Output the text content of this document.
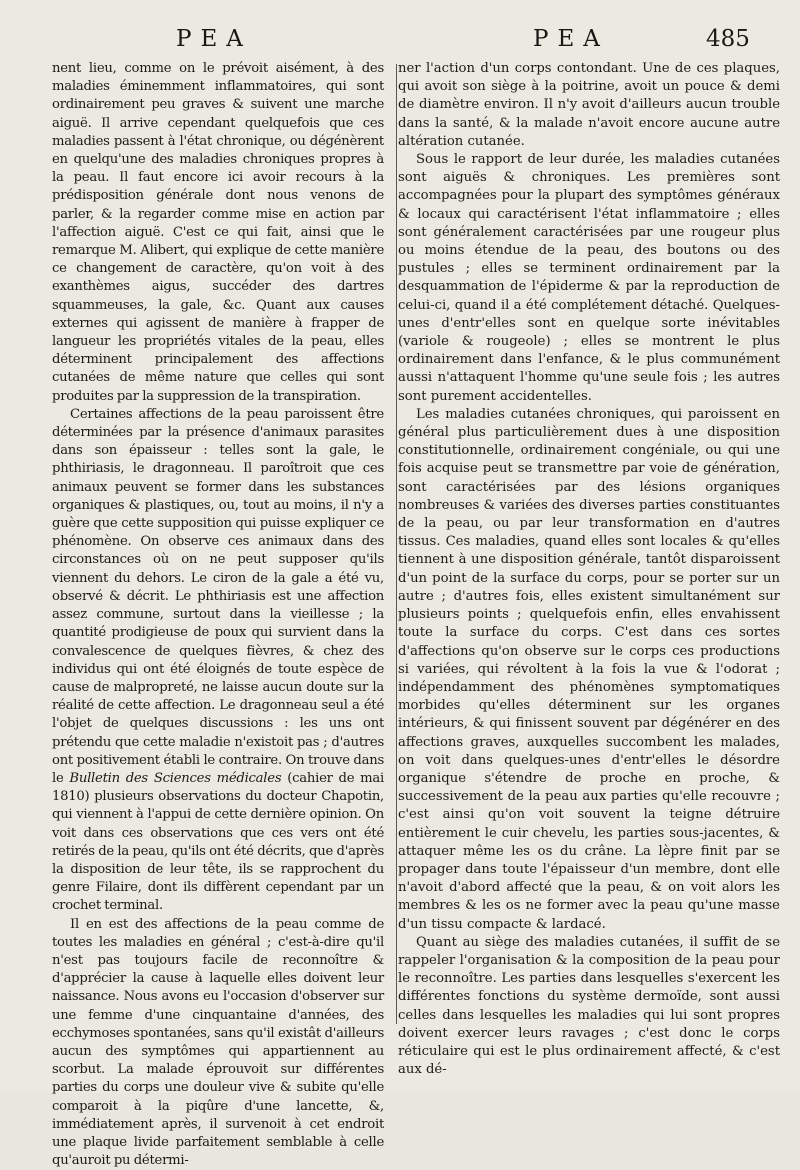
PEA	PEA	485

nent lieu, comme on le prévoit aisément, à des maladies éminemment inflammatoires, qui sont ordinairement peu graves & suivent une marche aiguë. Il arrive cependant quelquefois que ces maladies passent à l'état chronique, ou dégénèrent en quelqu'une des maladies chroniques propres à la peau. Il faut encore ici avoir recours à la prédisposition générale dont nous venons de parler, & la regarder comme mise en action par l'affection aiguë. C'est ce qui fait, ainsi que le remarque M. Alibert, qui explique de cette manière ce changement de caractère, qu'on voit à des exanthèmes aigus, succéder des dartres squammeuses, la gale, &c. Quant aux causes externes qui agissent de manière à frapper de langueur les propriétés vitales de la peau, elles déterminent principalement des affections cutanées de même nature que celles qui sont produites par la suppression de la transpiration.

Certaines affections de la peau paroissent être déterminées par la présence d'animaux parasites dans son épaisseur : telles sont la gale, le phthiriasis, le dragonneau. Il paroîtroit que ces animaux peuvent se former dans les substances organiques & plastiques, ou, tout au moins, il n'y a guère que cette supposition qui puisse expliquer ce phénomène. On observe ces animaux dans des circonstances où on ne peut supposer qu'ils viennent du dehors. Le ciron de la gale a été vu, observé & décrit. Le phthiriasis est une affection assez commune, surtout dans la vieillesse ; la quantité prodigieuse de poux qui survient dans la convalescence de quelques fièvres, & chez des individus qui ont été éloignés de toute espèce de cause de malpropreté, ne laisse aucun doute sur la réalité de cette affection. Le dragonneau seul a été l'objet de quelques discussions : les uns ont prétendu que cette maladie n'existoit pas ; d'autres ont positivement établi le contraire. On trouve dans le Bulletin des Sciences médicales (cahier de mai 1810) plusieurs observations du docteur Chapotin, qui viennent à l'appui de cette dernière opinion. On voit dans ces observations que ces vers ont été retirés de la peau, qu'ils ont été décrits, que d'après la disposition de leur tête, ils se rapprochent du genre Filaire, dont ils diffèrent cependant par un crochet terminal.

Il en est des affections de la peau comme de toutes les maladies en général ; c'est-à-dire qu'il n'est pas toujours facile de reconnoître & d'apprécier la cause à laquelle elles doivent leur naissance. Nous avons eu l'occasion d'observer sur une femme d'une cinquantaine d'années, des ecchymoses spontanées, sans qu'il existât d'ailleurs aucun des symptômes qui appartiennent au scorbut. La malade éprouvoit sur différentes parties du corps une douleur vive & subite qu'elle comparoit à la piqûre d'une lancette, &, immédiatement après, il survenoit à cet endroit une plaque livide parfaitement semblable à celle qu'auroit pu détermi-

ner l'action d'un corps contondant. Une de ces plaques, qui avoit son siège à la poitrine, avoit un pouce & demi de diamètre environ. Il n'y avoit d'ailleurs aucun trouble dans la santé, & la malade n'avoit encore aucune autre altération cutanée.

Sous le rapport de leur durée, les maladies cutanées sont aiguës & chroniques. Les premières sont accompagnées pour la plupart des symptômes généraux & locaux qui caractérisent l'état inflammatoire ; elles sont généralement caractérisées par une rougeur plus ou moins étendue de la peau, des boutons ou des pustules ; elles se terminent ordinairement par la desquammation de l'épiderme & par la reproduction de celui-ci, quand il a été complétement détaché. Quelques-unes d'entr'elles sont en quelque sorte inévitables (variole & rougeole) ; elles se montrent le plus ordinairement dans l'enfance, & le plus communément aussi n'attaquent l'homme qu'une seule fois ; les autres sont purement accidentelles.

Les maladies cutanées chroniques, qui paroissent en général plus particulièrement dues à une disposition constitutionnelle, ordinairement congéniale, ou qui une fois acquise peut se transmettre par voie de génération, sont caractérisées par des lésions organiques nombreuses & variées des diverses parties constituantes de la peau, ou par leur transformation en d'autres tissus. Ces maladies, quand elles sont locales & qu'elles tiennent à une disposition générale, tantôt disparoissent d'un point de la surface du corps, pour se porter sur un autre ; d'autres fois, elles existent simultanément sur plusieurs points ; quelquefois enfin, elles envahissent toute la surface du corps. C'est dans ces sortes d'affections qu'on observe sur le corps ces productions si variées, qui révoltent à la fois la vue & l'odorat ; indépendamment des phénomènes symptomatiques morbides qu'elles déterminent sur les organes intérieurs, & qui finissent souvent par dégénérer en des affections graves, auxquelles succombent les malades, on voit dans quelques-unes d'entr'elles le désordre organique s'étendre de proche en proche, & successivement de la peau aux parties qu'elle recouvre ; c'est ainsi qu'on voit souvent la teigne détruire entièrement le cuir chevelu, les parties sous-jacentes, & attaquer même les os du crâne. La lèpre finit par se propager dans toute l'épaisseur d'un membre, dont elle n'avoit d'abord affecté que la peau, & on voit alors les membres & les os ne former avec la peau qu'une masse d'un tissu compacte & lardacé.

Quant au siège des maladies cutanées, il suffit de se rappeler l'organisation & la composition de la peau pour le reconnoître. Les parties dans lesquelles s'exercent les différentes fonctions du système dermoïde, sont aussi celles dans lesquelles les maladies qui lui sont propres doivent exercer leurs ravages ; c'est donc le corps réticulaire qui est le plus ordinairement affecté, & c'est aux dé-
